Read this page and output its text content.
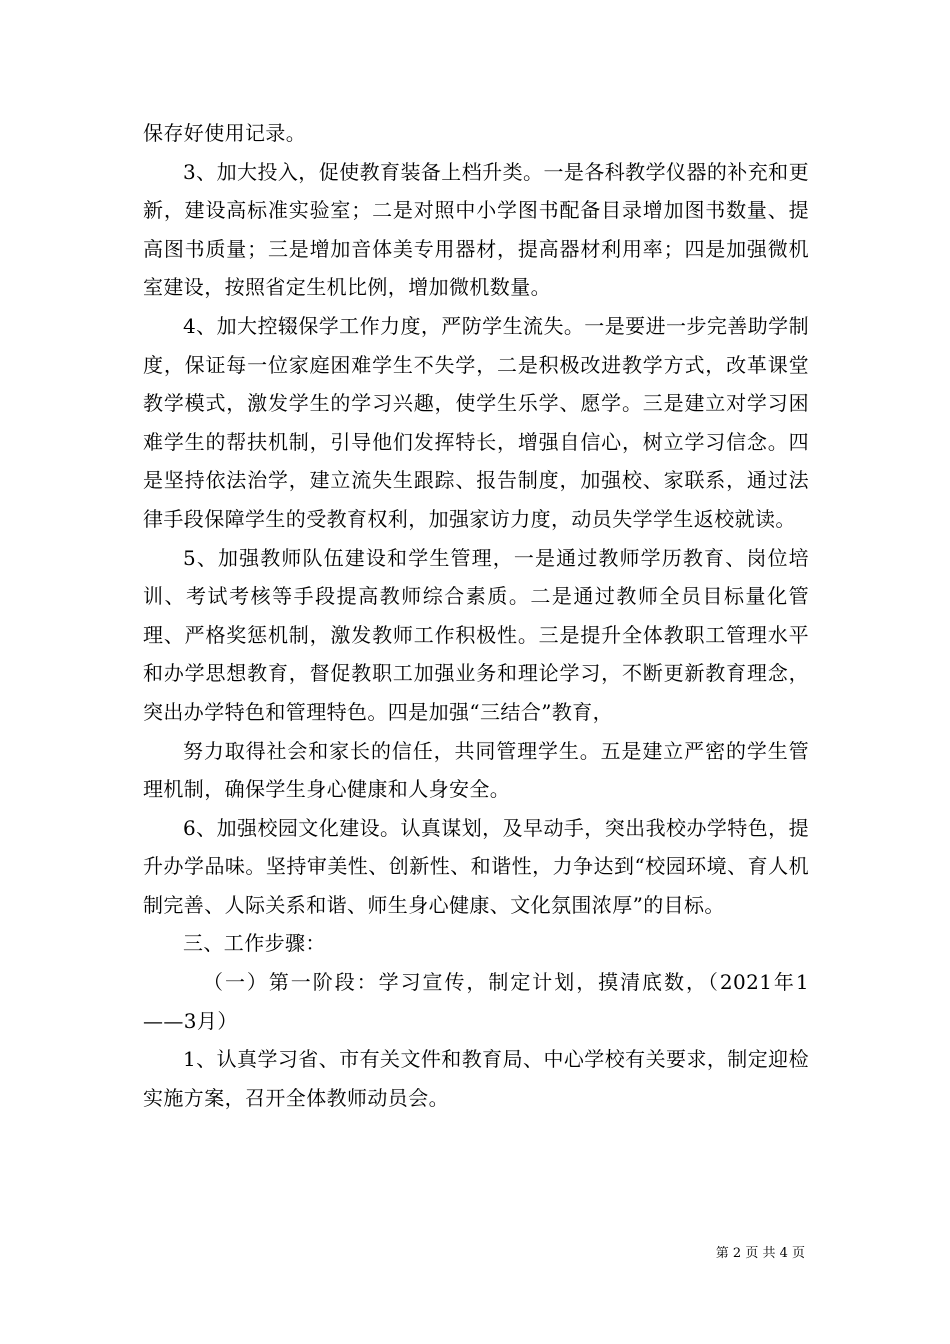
保存好使用记录。

3、加大投入，促使教育装备上档升类。一是各科教学仪器的补充和更新，建设高标准实验室；二是对照中小学图书配备目录增加图书数量、提高图书质量；三是增加音体美专用器材，提高器材利用率；四是加强微机室建设，按照省定生机比例，增加微机数量。

4、加大控辍保学工作力度，严防学生流失。一是要进一步完善助学制度，保证每一位家庭困难学生不失学，二是积极改进教学方式，改革课堂教学模式，激发学生的学习兴趣，使学生乐学、愿学。三是建立对学习困难学生的帮扶机制，引导他们发挥特长，增强自信心，树立学习信念。四是坚持依法治学，建立流失生跟踪、报告制度，加强校、家联系，通过法律手段保障学生的受教育权利，加强家访力度，动员失学学生返校就读。

5、加强教师队伍建设和学生管理，一是通过教师学历教育、岗位培训、考试考核等手段提高教师综合素质。二是通过教师全员目标量化管理、严格奖惩机制，激发教师工作积极性。三是提升全体教职工管理水平和办学思想教育，督促教职工加强业务和理论学习，不断更新教育理念，突出办学特色和管理特色。四是加强“三结合”教育，

努力取得社会和家长的信任，共同管理学生。五是建立严密的学生管理机制，确保学生身心健康和人身安全。

6、加强校园文化建设。认真谋划，及早动手，突出我校办学特色，提升办学品味。坚持审美性、创新性、和谐性，力争达到“校园环境、育人机制完善、人际关系和谐、师生身心健康、文化氛围浓厚”的目标。

三、工作步骤：

（一）第一阶段：学习宣传，制定计划，摸清底数，（2021年1——3月）

1、认真学习省、市有关文件和教育局、中心学校有关要求，制定迎检实施方案，召开全体教师动员会。

第 2 页 共 4 页
